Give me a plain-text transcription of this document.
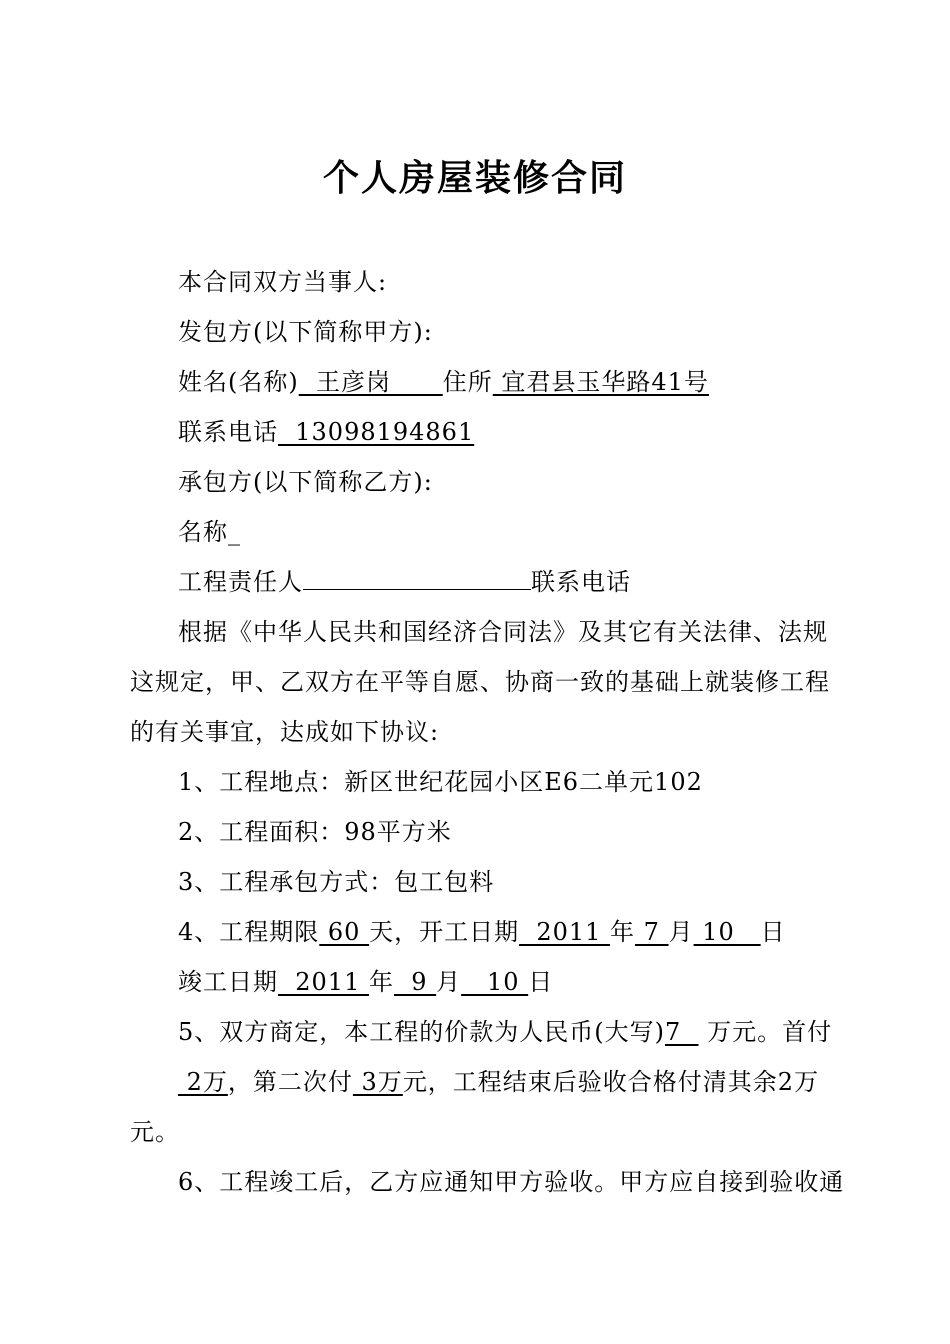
个人房屋装修合同
本合同双方当事人:
发包方(以下简称甲方):
姓名(名称)  王彦岗      住所 宜君县玉华路41号
联系电话  13098194861
承包方(以下简称乙方):
名称_
工程责任人	联系电话
根据《中华人民共和国经济合同法》及其它有关法律、法规
这规定，甲、乙双方在平等自愿、协商一致的基础上就装修工程
的有关事宜，达成如下协议:
1、工程地点：新区世纪花园小区E6二单元102
2、工程面积：98平方米
3、工程承包方式：包工包料
4、工程期限 60 天，开工日期  2011 年 7 月 10   日
竣工日期  2011 年  9 月   10 日
5、双方商定，本工程的价款为人民币(大写)7   万元。首付
2万，第二次付 3万元，工程结束后验收合格付清其余2万
元。
6、工程竣工后，乙方应通知甲方验收。甲方应自接到验收通
